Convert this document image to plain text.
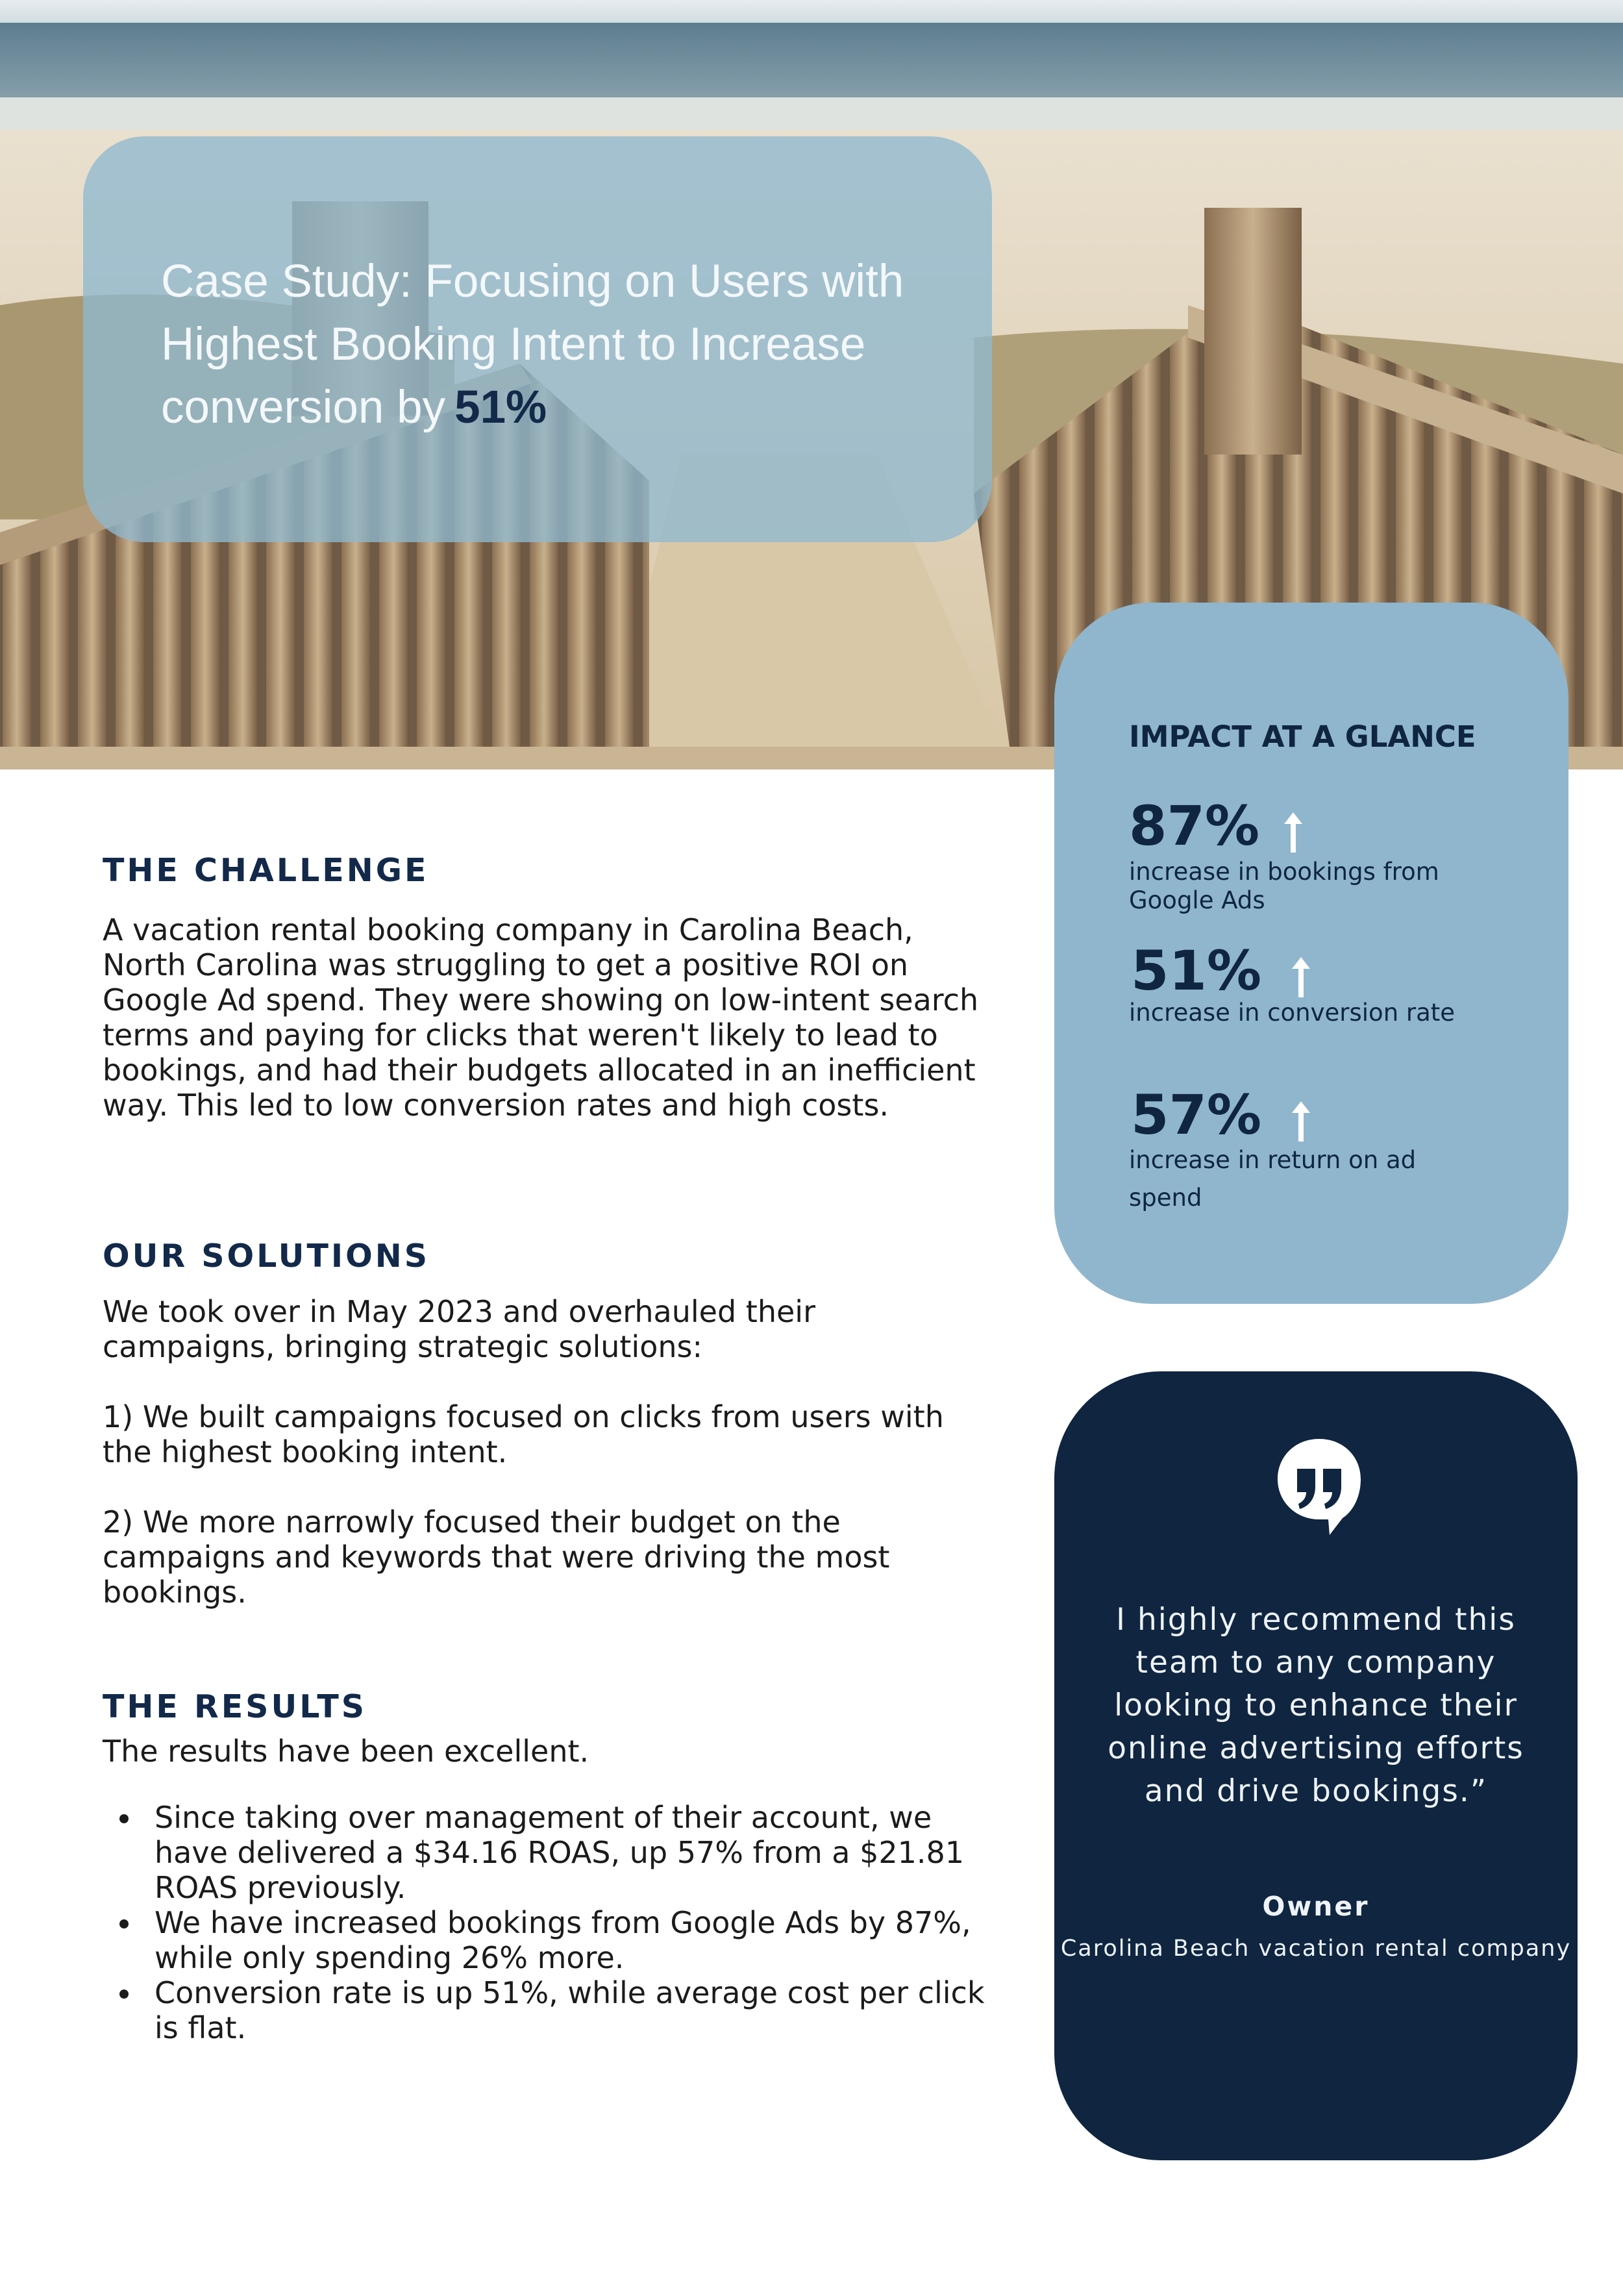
Case Study: Focusing on Users with Highest Booking Intent to Increase conversion by 51%
IMPACT AT A GLANCE
87%
increase in bookings from Google Ads
51%
increase in conversion rate
57%
increase in return on ad spend
THE CHALLENGE

A vacation rental booking company in Carolina Beach, North Carolina was struggling to get a positive ROI on Google Ad spend. They were showing on low-intent search terms and paying for clicks that weren't likely to lead to bookings, and had their budgets allocated in an inefficient way. This led to low conversion rates and high costs.

OUR SOLUTIONS

We took over in May 2023 and overhauled their campaigns, bringing strategic solutions:

1) We built campaigns focused on clicks from users with the highest booking intent.

2) We more narrowly focused their budget on the campaigns and keywords that were driving the most bookings.

THE RESULTS
The results have been excellent.
Since taking over management of their account, we have delivered a $34.16 ROAS, up 57% from a $21.81 ROAS previously.
We have increased bookings from Google Ads by 87%, while only spending 26% more.
Conversion rate is up 51%, while average cost per click is flat.
I highly recommend this team to any company looking to enhance their online advertising efforts and drive bookings.”
Owner
Carolina Beach vacation rental company
